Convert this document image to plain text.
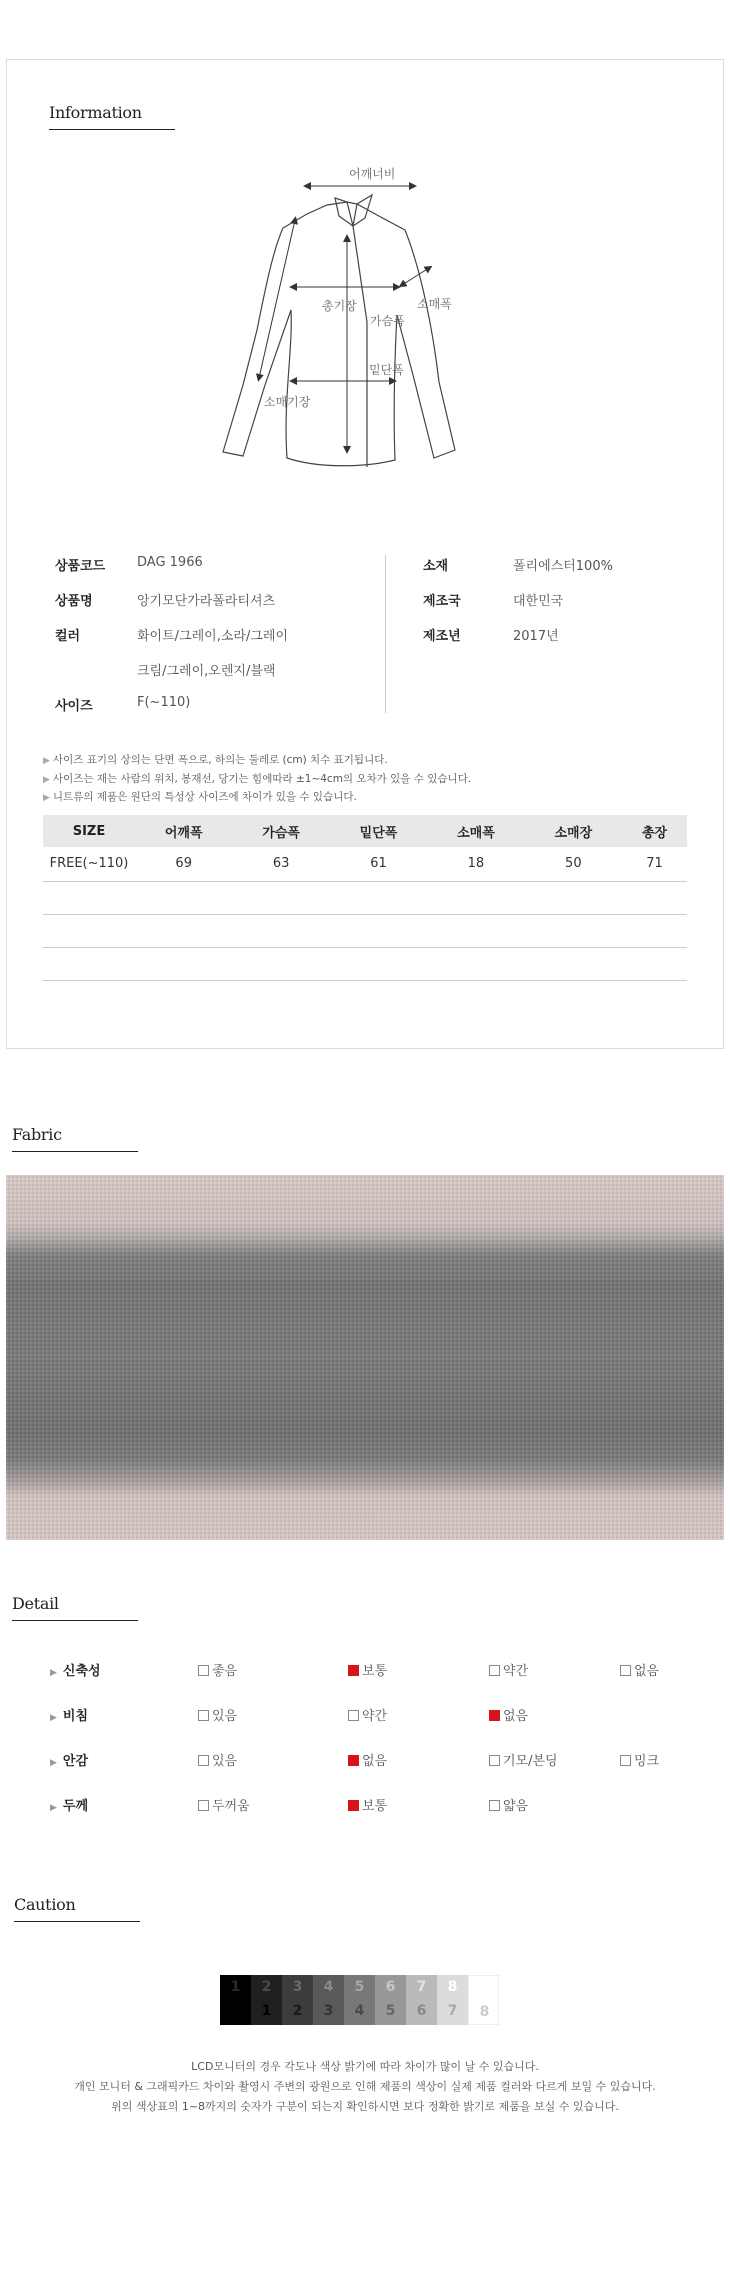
Information
어깨너비
총기장
가슴폭
소매기장
소매폭
밑단폭
상품코드 DAG 1966
상품명	앙기모단가라폴라티셔츠
컬러	화이트/그레이,소라/그레이
크림/그레이,오렌지/블랙
사이즈	F(~110)
소재	폴리에스터100%
제조국	대한민국
제조년	2017년
▶ 사이즈 표기의 상의는 단면 폭으로, 하의는 둘레로 (cm) 치수 표기됩니다.
▶ 사이즈는 재는 사람의 위치, 봉재선, 당기는 힘에따라 ±1~4cm의 오차가 있을 수 있습니다.
▶ 니트류의 제품은 원단의 특성상 사이즈에 차이가 있을 수 있습니다.
SIZE	어깨폭	가슴폭	밑단폭	소매폭	소매장	총장
FREE(~110)	69	63	61	18	50	71

Fabric
Detail
▶ 신축성	좋음	보통	약간	없음
▶ 비침	있음	약간	없음
▶ 안감	있음	없음	기모/본딩	밍크
▶ 두께	두꺼움	보통	얇음
Caution
1	2
1
3
2
4
3
5
4
6
5
7
6
8
7	8
LCD모니터의 경우 각도나 색상 밝기에 따라 차이가 많이 날 수 있습니다.
개인 모니터 & 그래픽카드 차이와 촬영시 주변의 광원으로 인해 제품의 색상이 실제 제품 컬러와 다르게 보일 수 있습니다.
위의 색상표의 1~8까지의 숫자가 구분이 되는지 확인하시면 보다 정확한 밝기로 제품을 보실 수 있습니다.
